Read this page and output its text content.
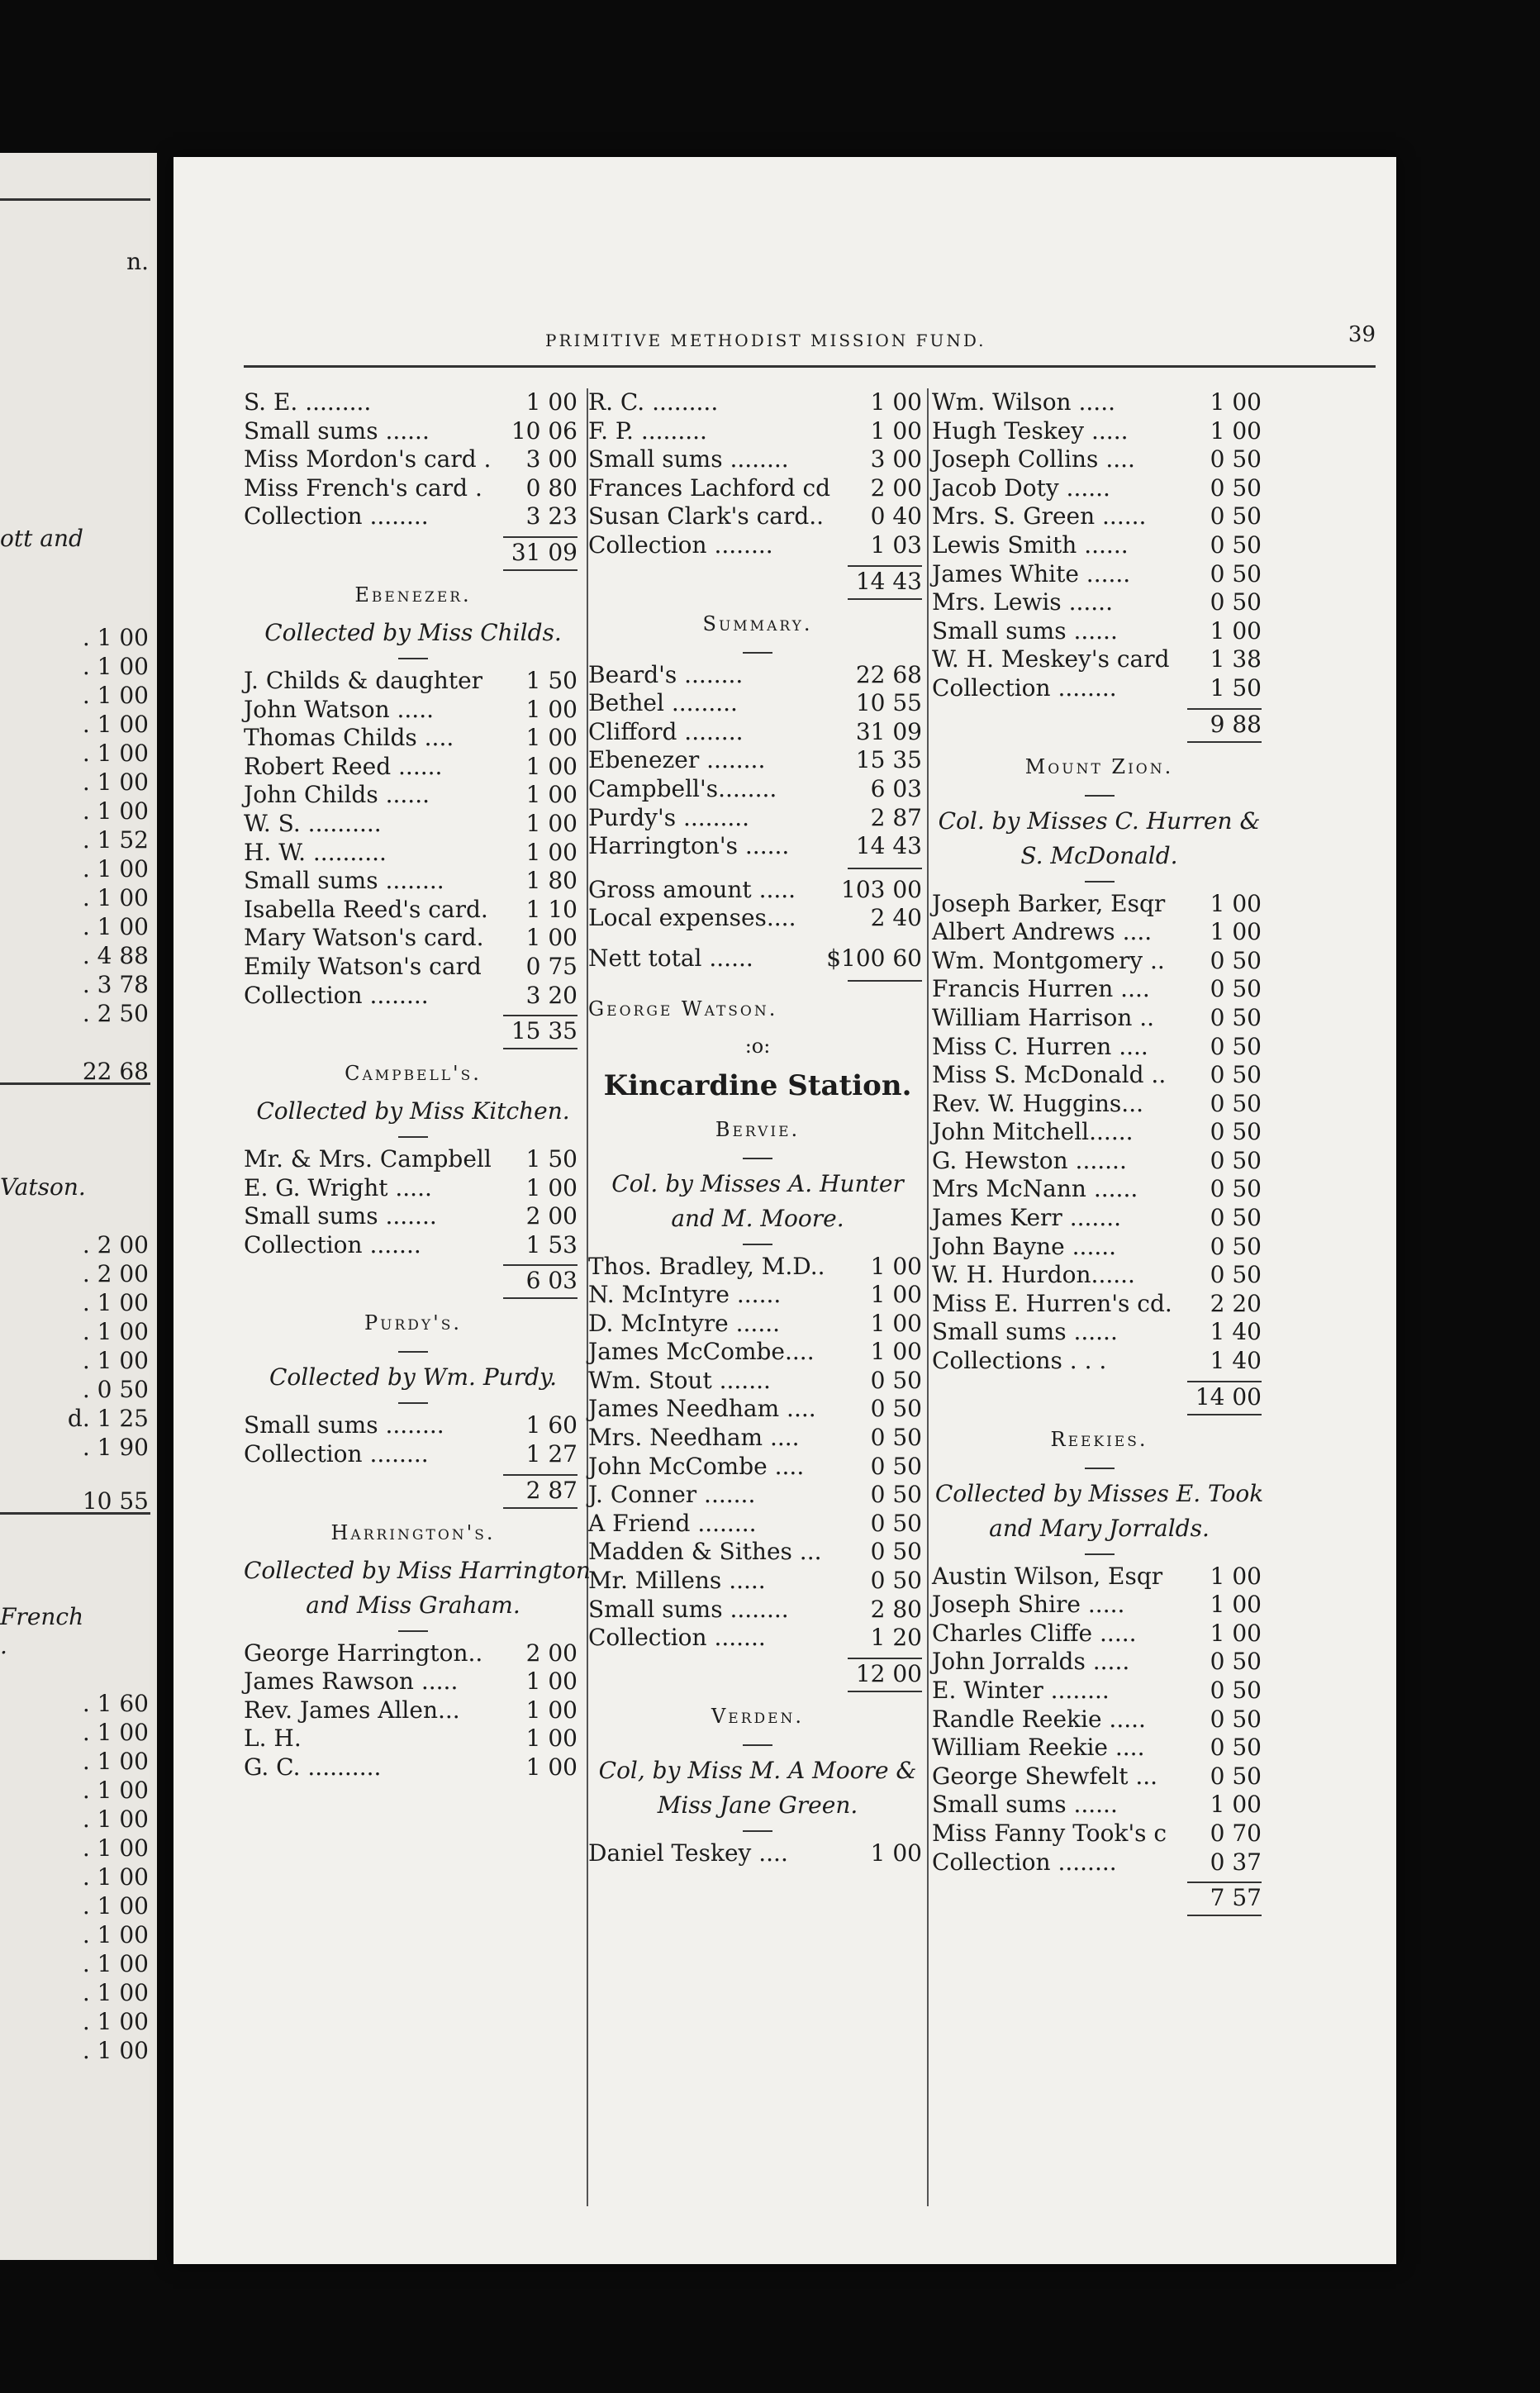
n.
ott and
. 1 00
. 1 00
. 1 00
. 1 00
. 1 00
. 1 00
. 1 00
. 1 52
. 1 00
. 1 00
. 1 00
. 4 88
. 3 78
. 2 50
22 68
Vatson.
. 2 00
. 2 00
. 1 00
. 1 00
. 1 00
. 0 50
d. 1 25
. 1 90
10 55
French
.
. 1 60
. 1 00
. 1 00
. 1 00
. 1 00
. 1 00
. 1 00
. 1 00
. 1 00
. 1 00
. 1 00
. 1 00
. 1 00
PRIMITIVE METHODIST MISSION FUND.	39
S. E. .........	1 00
Small sums ......	10 06
Miss Mordon's card . 3 00
Miss French's card . 0 80
Collection ........	3 23
31 09
Ebenezer.
Collected by Miss Childs.
J. Childs & daughter 1 50
John Watson .....	1 00
Thomas Childs ....	1 00
Robert Reed ......	1 00
John Childs ......	1 00
W. S. ..........	1 00
H. W. ..........	1 00
Small sums ........	1 80
Isabella Reed's card. 1 10
Mary Watson's card. 1 00
Emily Watson's card 0 75
Collection ........	3 20
15 35
Campbell's.
Collected by Miss Kitchen.
Mr. & Mrs. Campbell 1 50
E. G. Wright .....	1 00
Small sums .......	2 00
Collection .......	1 53
6 03
Purdy's.
Collected by Wm. Purdy.
Small sums ........	1 60
Collection ........	1 27
2 87
Harrington's.
Collected by Miss Harrington
and Miss Graham.
George Harrington.. 2 00
James Rawson .....	1 00
Rev. James Allen...	1 00
L. H.	1 00
G. C. ..........	1 00
R. C. .........	1 00
F. P. .........	1 00
Small sums ........	3 00
Frances Lachford cd 2 00
Susan Clark's card.. 0 40
Collection ........	1 03
14 43
Summary.
Beard's ........	22 68
Bethel .........	10 55
Clifford ........	31 09
Ebenezer ........	15 35
Campbell's........	6 03
Purdy's .........	2 87
Harrington's ......	14 43
Gross amount ..... 103 00
Local expenses....	2 40
Nett total ......	$100 60
George Watson.
:o:
Kincardine Station.
Bervie.
Col. by Misses A. Hunter
and M. Moore.
Thos. Bradley, M.D.. 1 00
N. McIntyre ......	1 00
D. McIntyre ......	1 00
James McCombe.... 1 00
Wm. Stout .......	0 50
James Needham .... 0 50
Mrs. Needham ....	0 50
John McCombe ....	0 50
J. Conner .......	0 50
A Friend ........	0 50
Madden & Sithes ... 0 50
Mr. Millens .....	0 50
Small sums ........	2 80
Collection .......	1 20
12 00
Verden.
Col, by Miss M. A Moore &
Miss Jane Green.
Daniel Teskey ....	1 00
Wm. Wilson .....	1 00
Hugh Teskey .....	1 00
Joseph Collins ....	0 50
Jacob Doty ......	0 50
Mrs. S. Green ......	0 50
Lewis Smith ......	0 50
James White ......	0 50
Mrs. Lewis ......	0 50
Small sums ......	1 00
W. H. Meskey's card 1 38
Collection ........	1 50
9 88
Mount Zion.
Col. by Misses C. Hurren &
S. McDonald.
Joseph Barker, Esqr 1 00
Albert Andrews ....	1 00
Wm. Montgomery .. 0 50
Francis Hurren ....	0 50
William Harrison .. 0 50
Miss C. Hurren ....	0 50
Miss S. McDonald .. 0 50
Rev. W. Huggins...	0 50
John Mitchell......	0 50
G. Hewston .......	0 50
Mrs McNann ......	0 50
James Kerr .......	0 50
John Bayne ......	0 50
W. H. Hurdon......	0 50
Miss E. Hurren's cd. 2 20
Small sums ......	1 40
Collections . . .	1 40
14 00
Reekies.
Collected by Misses E. Took
and Mary Jorralds.
Austin Wilson, Esqr 1 00
Joseph Shire .....	1 00
Charles Cliffe .....	1 00
John Jorralds .....	0 50
E. Winter ........	0 50
Randle Reekie .....	0 50
William Reekie ....	0 50
George Shewfelt ... 0 50
Small sums ......	1 00
Miss Fanny Took's c 0 70
Collection ........	0 37
7 57
